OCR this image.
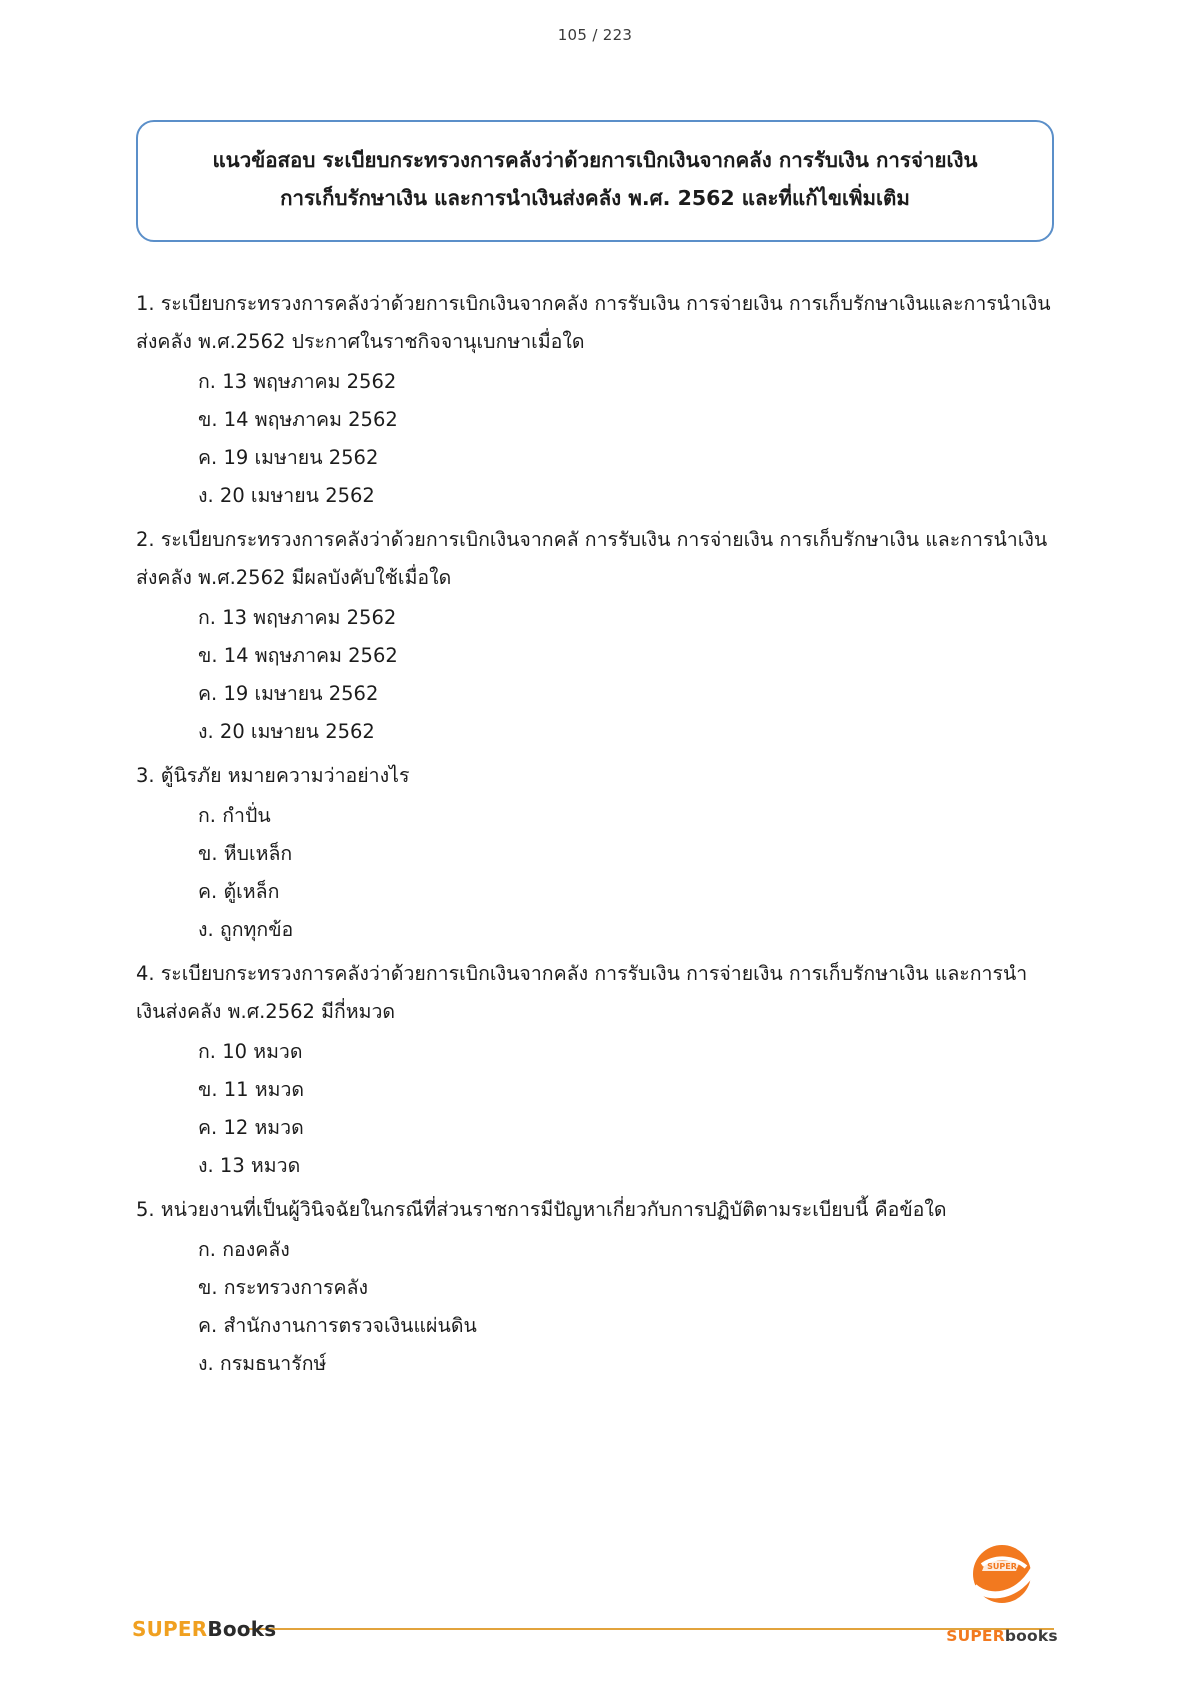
105 / 223
แนวข้อสอบ ระเบียบกระทรวงการคลังว่าด้วยการเบิกเงินจากคลัง การรับเงิน การจ่ายเงิน
การเก็บรักษาเงิน และการนำเงินส่งคลัง พ.ศ. 2562 และที่แก้ไขเพิ่มเติม

1. ระเบียบกระทรวงการคลังว่าด้วยการเบิกเงินจากคลัง การรับเงิน การจ่ายเงิน การเก็บรักษาเงินและการนำเงินส่งคลัง พ.ศ.2562 ประกาศในราชกิจจานุเบกษาเมื่อใด

ก. 13 พฤษภาคม 2562
ข. 14 พฤษภาคม 2562
ค. 19 เมษายน 2562
ง. 20 เมษายน 2562

2. ระเบียบกระทรวงการคลังว่าด้วยการเบิกเงินจากคลั การรับเงิน การจ่ายเงิน การเก็บรักษาเงิน และการนำเงินส่งคลัง พ.ศ.2562 มีผลบังคับใช้เมื่อใด

ก. 13 พฤษภาคม 2562
ข. 14 พฤษภาคม 2562
ค. 19 เมษายน 2562
ง. 20 เมษายน 2562

3. ตู้นิรภัย หมายความว่าอย่างไร

ก. กำปั่น
ข. หีบเหล็ก
ค. ตู้เหล็ก
ง. ถูกทุกข้อ

4. ระเบียบกระทรวงการคลังว่าด้วยการเบิกเงินจากคลัง การรับเงิน การจ่ายเงิน การเก็บรักษาเงิน และการนำเงินส่งคลัง พ.ศ.2562 มีกี่หมวด

ก. 10 หมวด
ข. 11 หมวด
ค. 12 หมวด
ง. 13 หมวด

5. หน่วยงานที่เป็นผู้วินิจฉัยในกรณีที่ส่วนราชการมีปัญหาเกี่ยวกับการปฏิบัติตามระเบียบนี้ คือข้อใด

ก. กองคลัง
ข. กระทรวงการคลัง
ค. สำนักงานการตรวจเงินแผ่นดิน
ง. กรมธนารักษ์
SUPERBooks
SUPER
SUPERbooks
